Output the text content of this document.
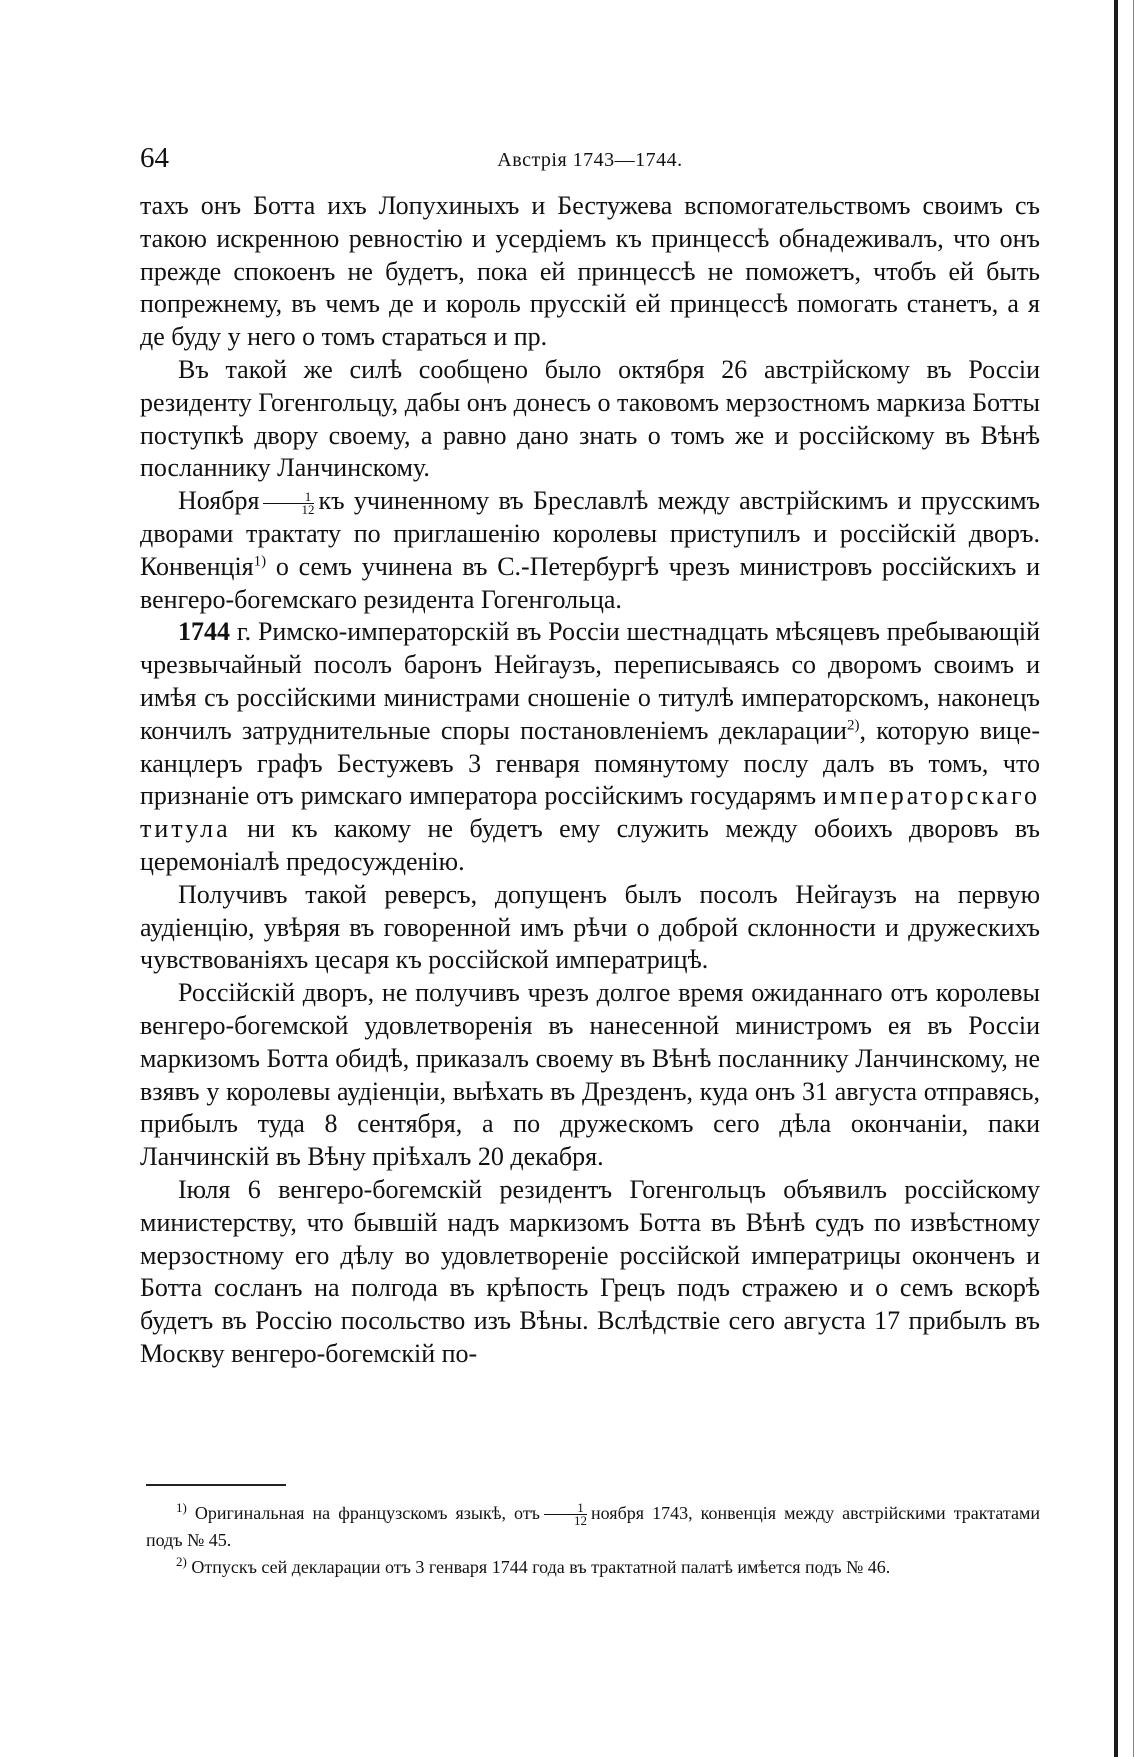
64	Австрія 1743—1744.

тахъ онъ Ботта ихъ Лопухиныхъ и Бестужева вспомогательствомъ своимъ съ такою искренною ревностію и усердіемъ къ принцессѣ обнадеживалъ, что онъ прежде спокоенъ не будетъ, пока ей принцессѣ не поможетъ, чтобъ ей быть попрежнему, въ чемъ де и король прусскій ей принцессѣ помогать станетъ, а я де буду у него о томъ стараться и пр.

Въ такой же силѣ сообщено было октября 26 австрійскому въ Россіи резиденту Гогенгольцу, дабы онъ донесъ о таковомъ мерзостномъ маркиза Ботты поступкѣ двору своему, а равно дано знать о томъ же и россійскому въ Вѣнѣ посланнику Ланчинскому.

Ноября $\frac{1}{12}$ къ учиненному въ Бреславлѣ между австрійскимъ и прусскимъ дворами трактату по приглашенію королевы приступилъ и россійскій дворъ. Конвенція$^{1)}$ о семъ учинена въ С.-Петербургѣ чрезъ министровъ россійскихъ и венгеро-богемскаго резидента Гогенгольца.

1744 г. Римско-императорскій въ Россіи шестнадцать мѣсяцевъ пребывающій чрезвычайный посолъ баронъ Нейгаузъ, переписываясь со дворомъ своимъ и имѣя съ россійскими министрами сношеніе о титулѣ императорскомъ, наконецъ кончилъ затруднительные споры постановленіемъ декларации$^{2)}$, которую вице-канцлеръ графъ Бестужевъ 3 генваря помянутому послу далъ въ томъ, что признаніе отъ римскаго императора россійскимъ государямъ императорскаго титула ни къ какому не будетъ ему служить между обоихъ дворовъ въ церемоніалѣ предосужденію.

Получивъ такой реверсъ, допущенъ былъ посолъ Нейгаузъ на первую аудіенцію, увѣряя въ говоренной имъ рѣчи о доброй склонности и дружескихъ чувствованіяхъ цесаря къ россійской императрицѣ.

Россійскій дворъ, не получивъ чрезъ долгое время ожиданнаго отъ королевы венгеро-богемской удовлетворенія въ нанесенной министромъ ея въ Россіи маркизомъ Ботта обидѣ, приказалъ своему въ Вѣнѣ посланнику Ланчинскому, не взявъ у королевы аудіенціи, выѣхать въ Дрезденъ, куда онъ 31 августа отправясь, прибылъ туда 8 сентября, а по дружескомъ сего дѣла окончаніи, паки Ланчинскій въ Вѣну пріѣхалъ 20 декабря.

Іюля 6 венгеро-богемскій резидентъ Гогенгольцъ объявилъ россійскому министерству, что бывшій надъ маркизомъ Ботта въ Вѣнѣ судъ по извѣстному мерзостному его дѣлу во удовлетвореніе россійской императрицы оконченъ и Ботта сосланъ на полгода въ крѣпость Грецъ подъ стражею и о семъ вскорѣ будетъ въ Россію посольство изъ Вѣны. Вслѣдствіе сего августа 17 прибылъ въ Москву венгеро-богемскій по-

$^{1)}$ Оригинальная на французскомъ языкѣ, отъ $\frac{1}{12}$ ноября 1743, конвенція между австрійскими трактатами подъ № 45.

$^{2)}$ Отпускъ сей декларации отъ 3 генваря 1744 года въ трактатной палатѣ имѣется подъ № 46.
